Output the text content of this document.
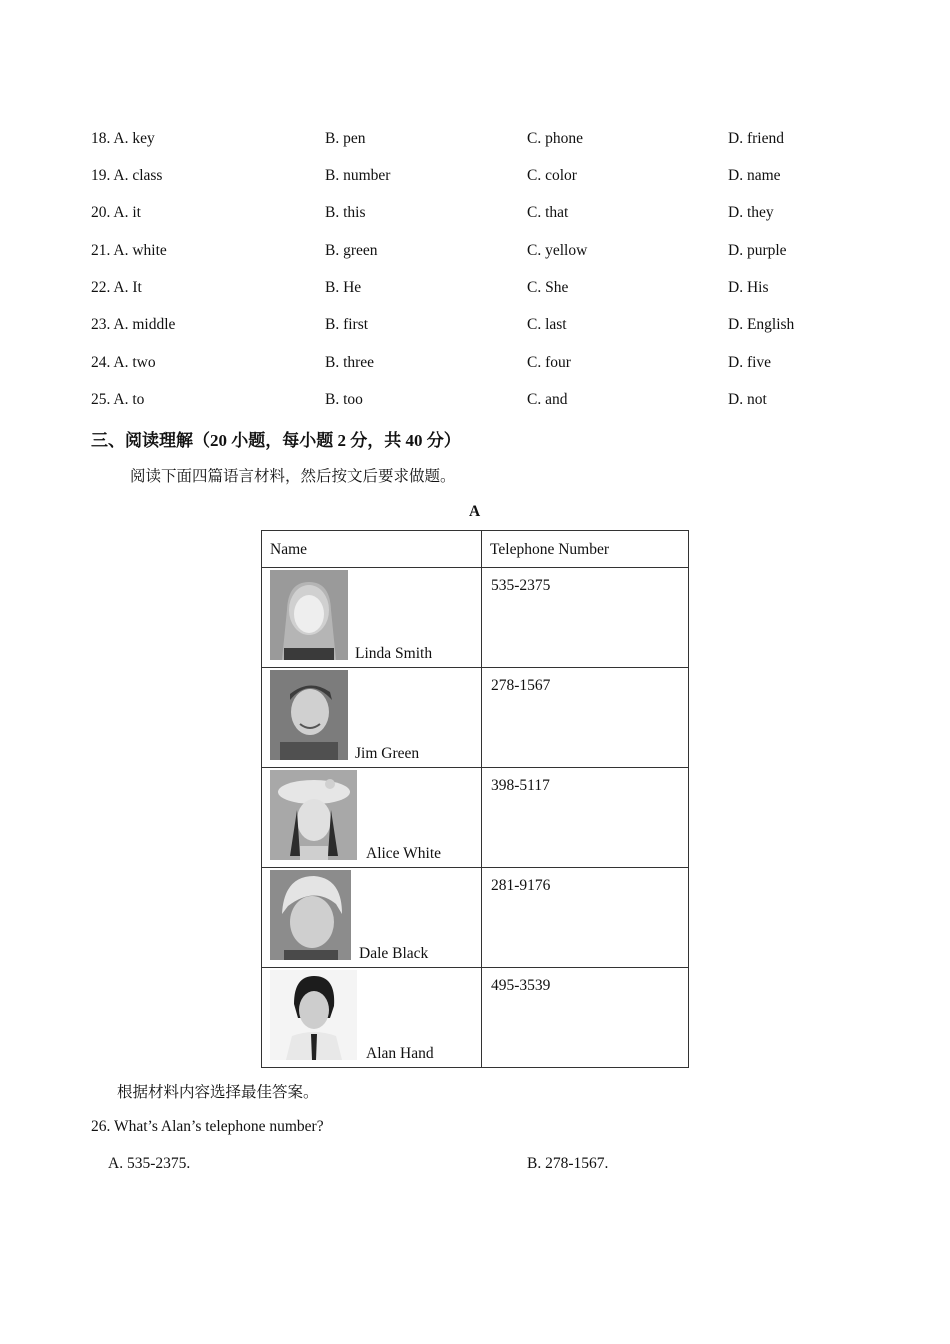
18. A. key	B. pen	C. phone	D. friend
19. A. class	B. number	C. color	D. name
20. A. it	B. this	C. that	D. they
21. A. white	B. green	C. yellow	D. purple
22. A. It	B. He	C. She	D. His
23. A. middle	B. first	C. last	D. English
24. A. two	B. three	C. four	D. five
25. A. to	B. too	C. and	D. not
三、阅读理解（20 小题，每小题 2 分，共 40 分）
阅读下面四篇语言材料，然后按文后要求做题。
A
Name	Telephone Number

Linda Smith	535-2375

Jim Green	278-1567

Alice White	398-5117

Dale Black	281-9176

Alan Hand	495-3539
根据材料内容选择最佳答案。
26. What’s Alan’s telephone number?
A. 535-2375.	B. 278-1567.
